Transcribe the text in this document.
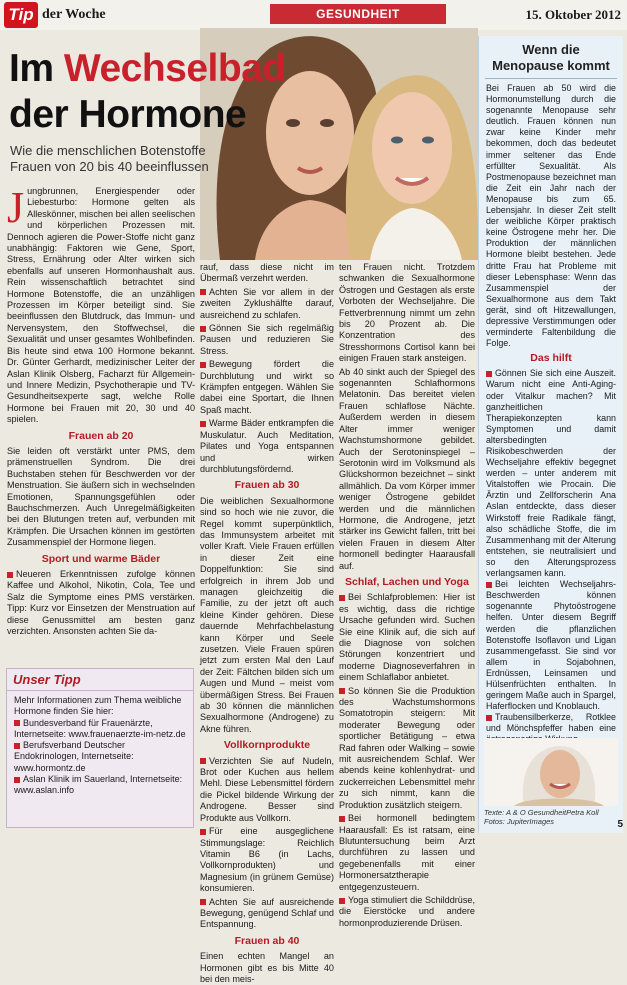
Tip der Woche	GESUNDHEIT	15. Oktober 2012
Im Wechselbad
der Hormone
Wie die menschlichen Botenstoffe Frauen von 20 bis 40 beeinflussen

Jungbrunnen, Energiespender oder Liebesturbo: Hormone gelten als Alleskönner, mischen bei allen seelischen und körperlichen Prozessen mit. Dennoch agieren die Power-Stoffe nicht ganz unabhängig: Faktoren wie Gene, Sport, Stress, Ernährung oder Alter wirken sich ebenfalls auf unseren Hormonhaushalt aus. Rein wissenschaftlich betrachtet sind Hormone Botenstoffe, die an unzähligen Prozessen im Körper beteiligt sind. Sie beeinflussen den Blutdruck, das Immun- und Nervensystem, den Stoffwechsel, die Sexualität und unser gesamtes Wohlbefinden. Bis heute sind etwa 100 Hormone bekannt. Dr. Günter Gerhardt, medizinischer Leiter der Aslan Klinik Olsberg, Facharzt für Allgemein- und Innere Medizin, Psychotherapie und TV-Gesundheitsexperte sagt, welche Rolle Hormone bei Frauen mit 20, 30 und 40 spielen.

Frauen ab 20

Sie leiden oft verstärkt unter PMS, dem prämenstruellen Syndrom. Die drei Buchstaben stehen für Beschwerden vor der Menstruation. Sie äußern sich in wechselnden Emotionen, Spannungsgefühlen oder Bauchschmerzen. Auch Unregelmäßigkeiten bei den Blutungen treten auf, verbunden mit Krämpfen. Die Ursachen können im gestörten Zusammenspiel der Hormone liegen.

Sport und warme Bäder

Neueren Erkenntnissen zufolge können Kaffee und Alkohol, Nikotin, Cola, Tee und Salz die Symptome eines PMS verstärken. Tipp: Kurz vor Einsetzen der Menstruation auf diese Genussmittel am besten ganz verzichten. Ansonsten achten Sie da-

Unser Tipp

Mehr Informationen zum Thema weibliche Hormone finden Sie hier:

Bundesverband für Frauenärzte, Internetseite: www.frauenaerzte-im-netz.de

Berufsverband Deutscher Endokrinologen, Internetseite: www.hormontz.de

Aslan Klinik im Sauerland, Internetseite: www.aslan.info

rauf, dass diese nicht im Übermaß verzehrt werden.

Achten Sie vor allem in der zweiten Zyklushälfte darauf, ausreichend zu schlafen.

Gönnen Sie sich regelmäßig Pausen und reduzieren Sie Stress.

Bewegung fördert die Durchblutung und wirkt so Krämpfen entgegen. Wählen Sie dabei eine Sportart, die Ihnen Spaß macht.

Warme Bäder entkrampfen die Muskulatur. Auch Meditation, Pilates und Yoga entspannen und wirken durchblutungsfördernd.

Frauen ab 30

Die weiblichen Sexualhormone sind so hoch wie nie zuvor, die Regel kommt superpünktlich, das Immunsystem arbeitet mit voller Kraft. Viele Frauen erfüllen in dieser Zeit eine Doppelfunktion: Sie sind erfolgreich in ihrem Job und managen gleichzeitig die Familie, zu der jetzt oft auch kleine Kinder gehören. Diese dauernde Mehrfachbelastung kann Körper und Seele zusetzen. Viele Frauen spüren jetzt zum ersten Mal den Lauf der Zeit: Fältchen bilden sich um Augen und Mund – meist vom übermäßigen Stress. Bei Frauen ab 30 können die männlichen Sexualhormone (Androgene) zu Akne führen.

Vollkornprodukte

Verzichten Sie auf Nudeln, Brot oder Kuchen aus hellem Mehl. Diese Lebensmittel fördern die Pickel bildende Wirkung der Androgene. Besser sind Produkte aus Vollkorn.

Für eine ausgeglichene Stimmungslage: Reichlich Vitamin B6 (in Lachs, Vollkornprodukten) und Magnesium (in grünem Gemüse) konsumieren.

Achten Sie auf ausreichende Bewegung, genügend Schlaf und Entspannung.

Frauen ab 40

Einen echten Mangel an Hormonen gibt es bis Mitte 40 bei den meis-

ten Frauen nicht. Trotzdem schwanken die Sexualhormone Östrogen und Gestagen als erste Vorboten der Wechseljahre. Die Fettverbrennung nimmt um zehn bis 20 Prozent ab. Die Konzentration des Stresshormons Cortisol kann bei einigen Frauen stark ansteigen.

Ab 40 sinkt auch der Spiegel des sogenannten Schlafhormons Melatonin. Das bereitet vielen Frauen schlaflose Nächte. Außerdem werden in diesem Alter immer weniger Wachstumshormone gebildet. Auch der Serotoninspiegel – Serotonin wird im Volksmund als Glückshormon bezeichnet – sinkt allmählich. Da vom Körper immer weniger Östrogene gebildet werden und die männlichen Hormone, die Androgene, jetzt stärker ins Gewicht fallen, tritt bei vielen Frauen in diesem Alter hormonell bedingter Haarausfall auf.

Schlaf, Lachen und Yoga

Bei Schlafproblemen: Hier ist es wichtig, dass die richtige Ursache gefunden wird. Suchen Sie eine Klinik auf, die sich auf die Diagnose von solchen Störungen konzentriert und moderne Diagnoseverfahren in einem Schlaflabor anbietet.

So können Sie die Produktion des Wachstumshormons Somatotropin steigern: Mit moderater Bewegung oder sportlicher Betätigung – etwa Rad fahren oder Walking – sowie mit ausreichendem Schlaf. Wer abends keine kohlenhydrat- und zuckerreichen Lebensmittel mehr zu sich nimmt, kann die Produktion zusätzlich steigern.

Bei hormonell bedingtem Haarausfall: Es ist ratsam, eine Blutuntersuchung beim Arzt durchführen zu lassen und gegebenenfalls mit einer Hormonersatztherapie entgegenzusteuern.

Yoga stimuliert die Schilddrüse, die Eierstöcke und andere hormonproduzierende Drüsen.

Wenn die Menopause kommt

Bei Frauen ab 50 wird die Hormonumstellung durch die sogenannte Menopause sehr deutlich. Frauen können nun zwar keine Kinder mehr bekommen, doch das bedeutet immer seltener das Ende erfüllter Sexualität. Als Postmenopause bezeichnet man die Zeit ein Jahr nach der Menopause bis zum 65. Lebensjahr. In dieser Zeit stellt der weibliche Körper praktisch keine Östrogene mehr her. Die Produktion der männlichen Hormone bleibt bestehen. Jede dritte Frau hat Probleme mit dieser Lebensphase: Wenn das Zusammenspiel der Sexualhormone aus dem Takt gerät, sind oft Hitzewallungen, depressive Verstimmungen oder verminderte Faltenbildung die Folge.

Das hilft

Gönnen Sie sich eine Auszeit. Warum nicht eine Anti-Aging-oder Vitalkur machen? Mit ganzheitlichen Therapiekonzepten kann Symptomen und damit altersbedingten Risikobeschwerden der Wechseljahre effektiv begegnet werden – unter anderem mit Vitalstoffen wie Procain. Die Ärztin und Zellforscherin Ana Aslan entdeckte, dass dieser Wirkstoff freie Radikale fängt, also schädliche Stoffe, die im Zusammenhang mit der Alterung entstehen, sie neutralisiert und so den Alterungsprozess verlangsamen kann.

Bei leichten Wechseljahrs-Beschwerden können sogenannte Phytoöstrogene helfen. Unter diesem Begriff werden die pflanzlichen Botenstoffe Isoflavon und Ligan zusammengefasst. Sie sind vor allem in Sojabohnen, Erdnüssen, Leinsamen und Hülsenfrüchten enthalten. In geringem Maße auch in Spargel, Haferflocken und Knoblauch.

Traubensilberkerze, Rotklee und Mönchspfeffer haben eine

Texte: A & O GesundheitPetra Koll
Fotos: JupiterImages	5
